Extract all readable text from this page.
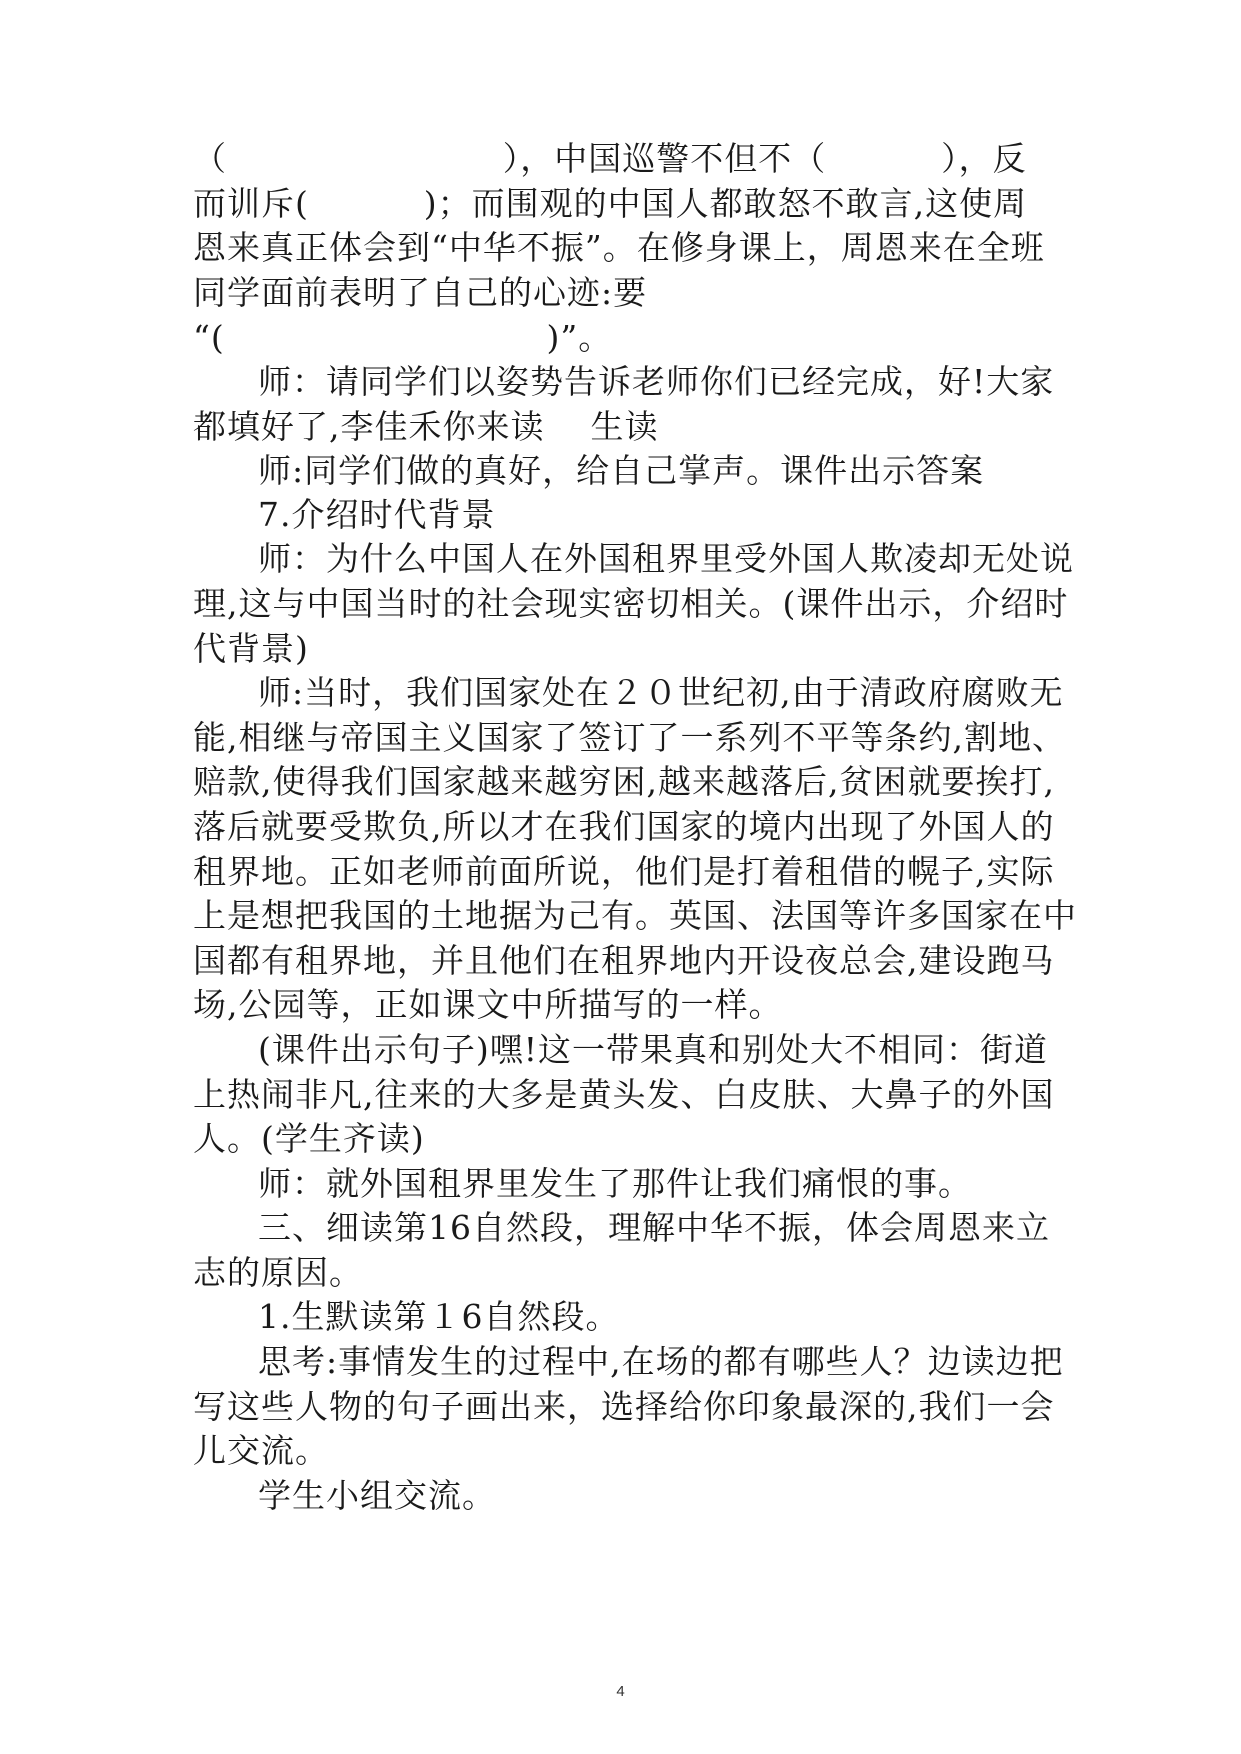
（                        ），中国巡警不但不（          ），反
而训斥(          )；而围观的中国人都敢怒不敢言,这使周
恩来真正体会到“中华不振”。在修身课上，周恩来在全班
同学面前表明了自己的心迹:要
“(                            )”。
师：请同学们以姿势告诉老师你们已经完成，好!大家
都填好了,李佳禾你来读    生读
师:同学们做的真好，给自己掌声。课件出示答案
7.介绍时代背景
师：为什么中国人在外国租界里受外国人欺凌却无处说
理,这与中国当时的社会现实密切相关。(课件出示，介绍时
代背景)
师:当时，我们国家处在２０世纪初,由于清政府腐败无
能,相继与帝国主义国家了签订了一系列不平等条约,割地、
赔款,使得我们国家越来越穷困,越来越落后,贫困就要挨打,
落后就要受欺负,所以才在我们国家的境内出现了外国人的
租界地。正如老师前面所说，他们是打着租借的幌子,实际
上是想把我国的土地据为己有。英国、法国等许多国家在中
国都有租界地，并且他们在租界地内开设夜总会,建设跑马
场,公园等，正如课文中所描写的一样。
(课件出示句子)嘿!这一带果真和别处大不相同：街道
上热闹非凡,往来的大多是黄头发、白皮肤、大鼻子的外国
人。(学生齐读)
师：就外国租界里发生了那件让我们痛恨的事。
三、细读第16自然段，理解中华不振，体会周恩来立
志的原因。
1.生默读第１6自然段。
思考:事情发生的过程中,在场的都有哪些人？边读边把
写这些人物的句子画出来，选择给你印象最深的,我们一会
儿交流。
学生小组交流。
4
